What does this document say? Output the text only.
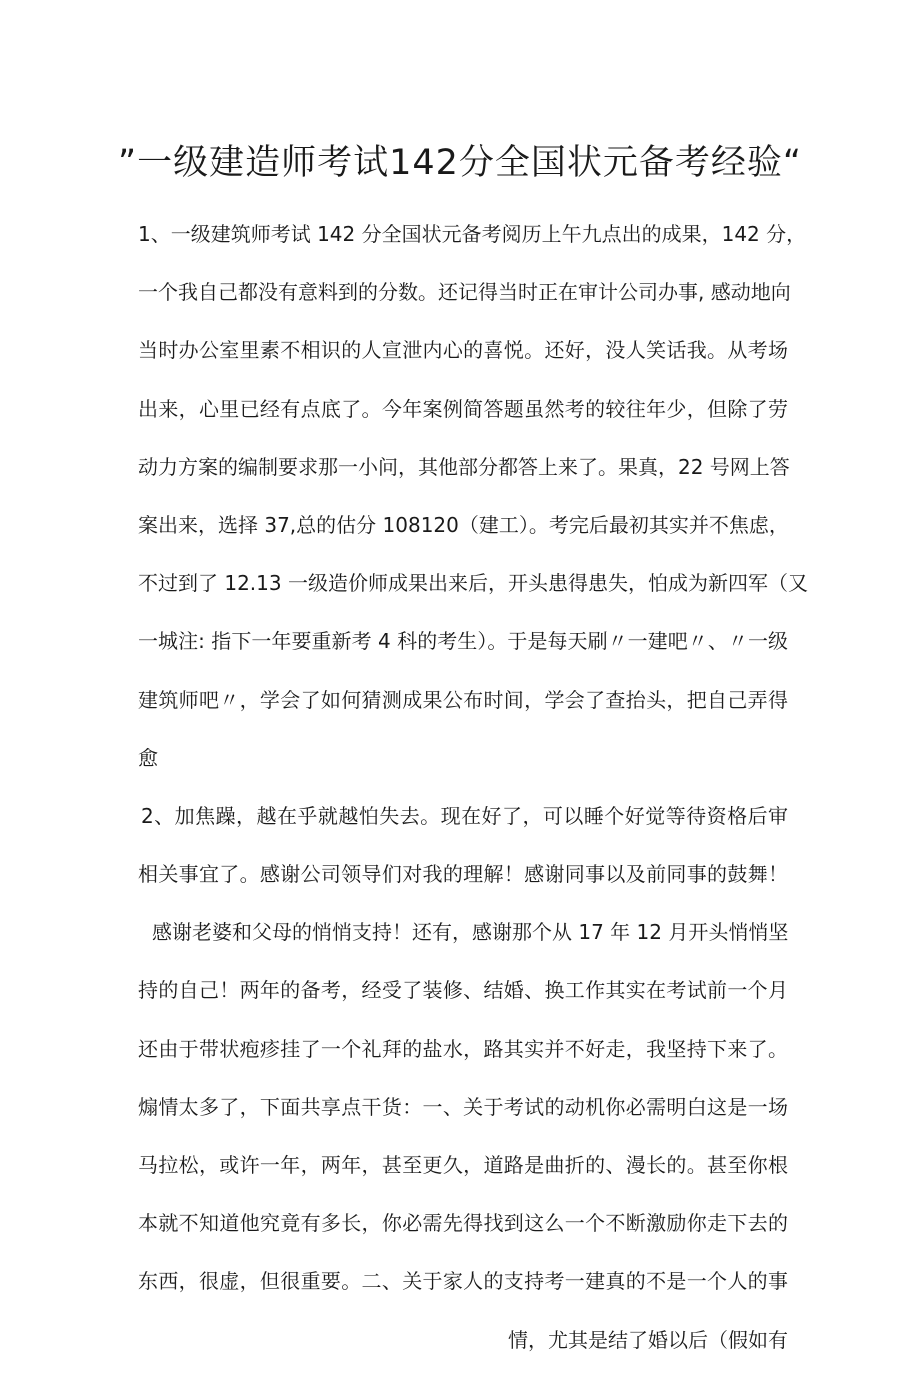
”一级建造师考试142分全国状元备考经验“
1、一级建筑师考试 142 分全国状元备考阅历上午九点出的成果，142 分，
一个我自己都没有意料到的分数。还记得当时正在审计公司办事, 感动地向
当时办公室里素不相识的人宣泄内心的喜悦。还好，没人笑话我。从考场
出来，心里已经有点底了。今年案例简答题虽然考的较往年少，但除了劳
动力方案的编制要求那一小问，其他部分都答上来了。果真，22 号网上答
案出来，选择 37,总的估分 108120（建工）。考完后最初其实并不焦虑，
不过到了 12.13 一级造价师成果出来后，开头患得患失，怕成为新四军（又
一城注: 指下一年要重新考 4 科的考生）。于是每天刷〃一建吧〃、〃一级
建筑师吧〃，学会了如何猜测成果公布时间，学会了查抬头，把自己弄得
愈
2、加焦躁，越在乎就越怕失去。现在好了，可以睡个好觉等待资格后审
相关事宜了。感谢公司领导们对我的理解！感谢同事以及前同事的鼓舞！
感谢老婆和父母的悄悄支持！还有，感谢那个从 17 年 12 月开头悄悄坚
持的自己！两年的备考，经受了装修、结婚、换工作其实在考试前一个月
还由于带状疱疹挂了一个礼拜的盐水，路其实并不好走，我坚持下来了。
煽情太多了，下面共享点干货：一、关于考试的动机你必需明白这是一场
马拉松，或许一年，两年，甚至更久，道路是曲折的、漫长的。甚至你根
本就不知道他究竟有多长，你必需先得找到这么一个不断激励你走下去的
东西，很虚，但很重要。二、关于家人的支持考一建真的不是一个人的事
情，尤其是结了婚以后（假如有
